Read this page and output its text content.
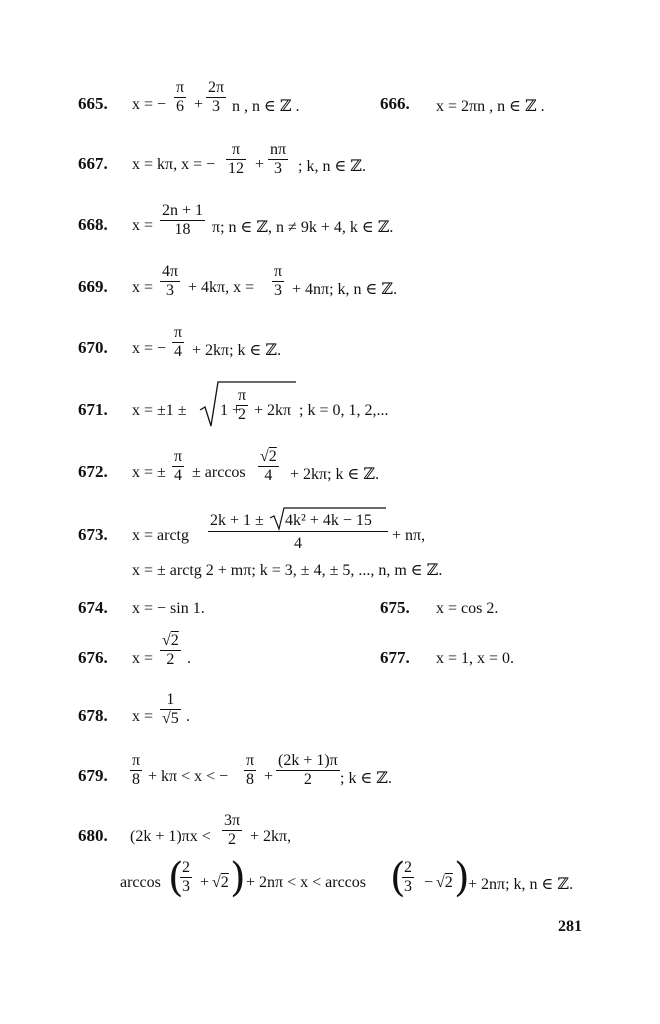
665. x = − $\frac{\pi}{6} + \frac{2\pi}{3}$ n , n ∈ ℤ .	666. x = 2πn , n ∈ ℤ .
667. x = kπ, x = − $\frac{\pi}{12} + \frac{n\pi}{3}$ ; k, n ∈ ℤ.
668. $x = \frac{2n + 1}{18} \pi$; n ∈ ℤ, n ≠ 9k + 4, k ∈ ℤ.
669. $x = \frac{4\pi}{3} + 4k\pi$, $x = \frac{\pi}{3} + 4n\pi$; k, n ∈ ℤ.
670. x = − $\frac{\pi}{4} + 2k\pi$; k ∈ ℤ.
671. x = ±1 ± 1 +
$\frac{\pi}{2} + 2k\pi$ ; k = 0, 1, 2,...
672. x = ± $\frac{\pi}{4} \pm \arccos \frac{√2}{4} + 2k\pi$; k ∈ ℤ.
673. x = arctg
2k + 1 ± 4k² + 4k − 15
4	+ nπ,
x = ± arctg 2 + mπ; k = 3, ± 4, ± 5, ..., n, m ∈ ℤ.
674. x = − sin 1.	675. x = cos 2.
676. $x = \frac{√2}{2}$ .	677. x = 1, x = 0.
678. $x = \frac{1}{√5}$ .
679. $\frac{\pi}{8} + k\pi < x$ < − $\frac{\pi}{8} + \frac{(2k + 1)\pi}{2}$ ; k ∈ ℤ.
680. $(2k + 1)\pi x < \frac{3\pi}{2} + 2k\pi$,
arccos (
$\frac{2}{3} + √2$ ) + 2nπ < x < arccos (
$\frac{2}{3} - √2$ )
+ 2nπ; k, n ∈ ℤ.
281
